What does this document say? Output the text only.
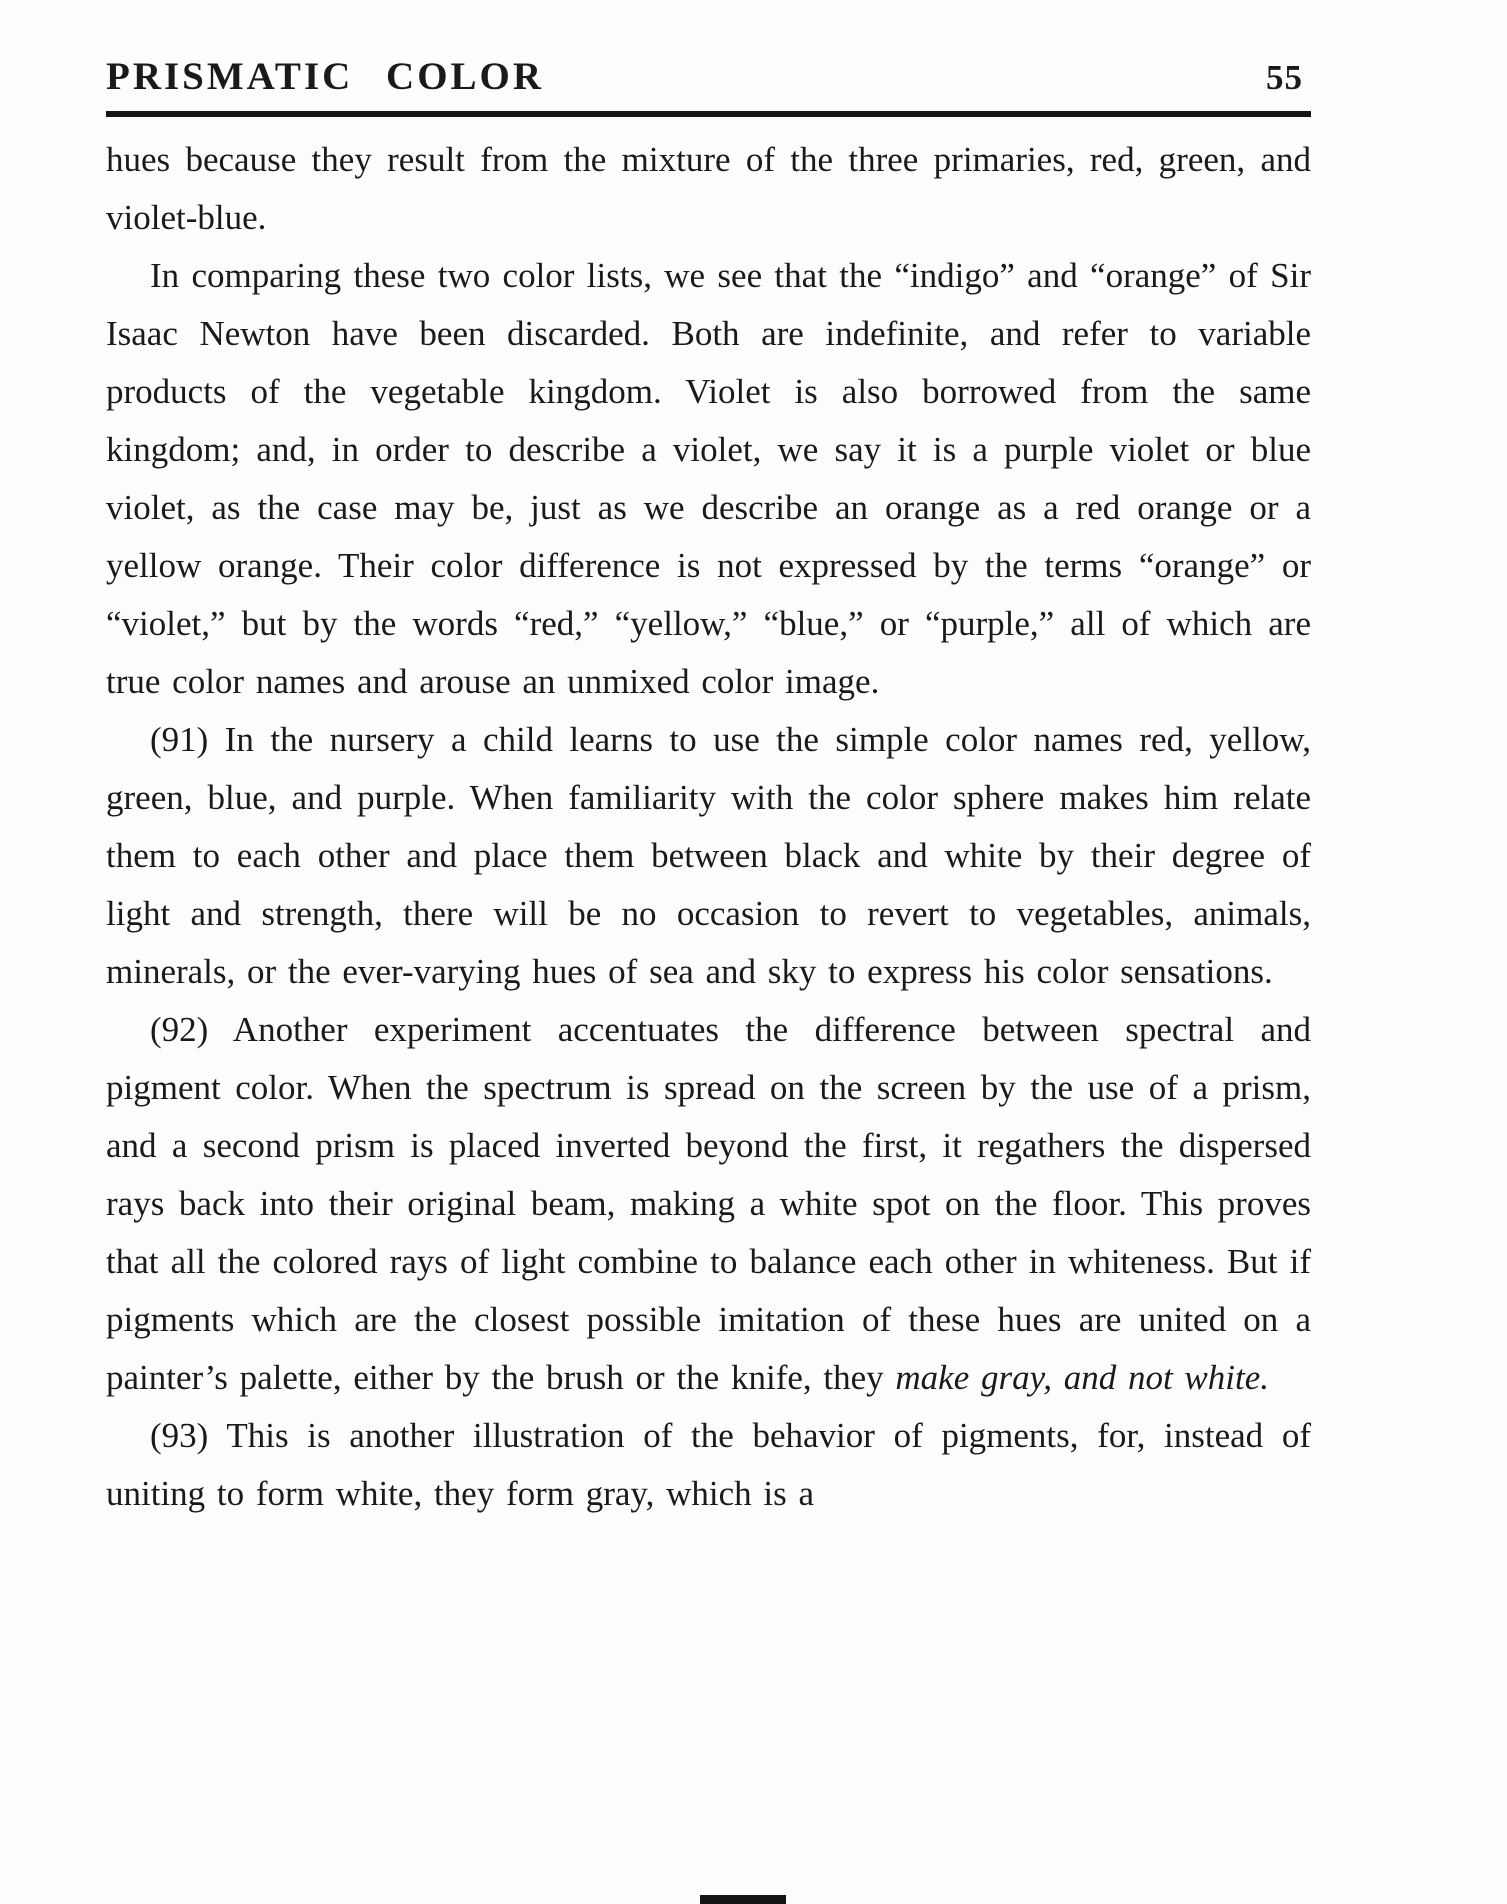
PRISMATIC COLOR	55

hues because they result from the mixture of the three primaries, red, green, and violet-blue.

In comparing these two color lists, we see that the “indigo” and “orange” of Sir Isaac Newton have been discarded. Both are indefinite, and refer to variable products of the vegetable kingdom. Violet is also borrowed from the same kingdom; and, in order to describe a violet, we say it is a purple violet or blue violet, as the case may be, just as we describe an orange as a red orange or a yellow orange. Their color difference is not expressed by the terms “orange” or “violet,” but by the words “red,” “yellow,” “blue,” or “purple,” all of which are true color names and arouse an unmixed color image.

(91) In the nursery a child learns to use the simple color names red, yellow, green, blue, and purple. When familiarity with the color sphere makes him relate them to each other and place them between black and white by their degree of light and strength, there will be no occasion to revert to vegetables, animals, minerals, or the ever-varying hues of sea and sky to express his color sensations.

(92) Another experiment accentuates the difference between spectral and pigment color. When the spectrum is spread on the screen by the use of a prism, and a second prism is placed inverted beyond the first, it regathers the dispersed rays back into their original beam, making a white spot on the floor. This proves that all the colored rays of light combine to balance each other in whiteness. But if pigments which are the closest possible imitation of these hues are united on a painter’s palette, either by the brush or the knife, they make gray, and not white.

(93) This is another illustration of the behavior of pigments, for, instead of uniting to form white, they form gray, which is a
